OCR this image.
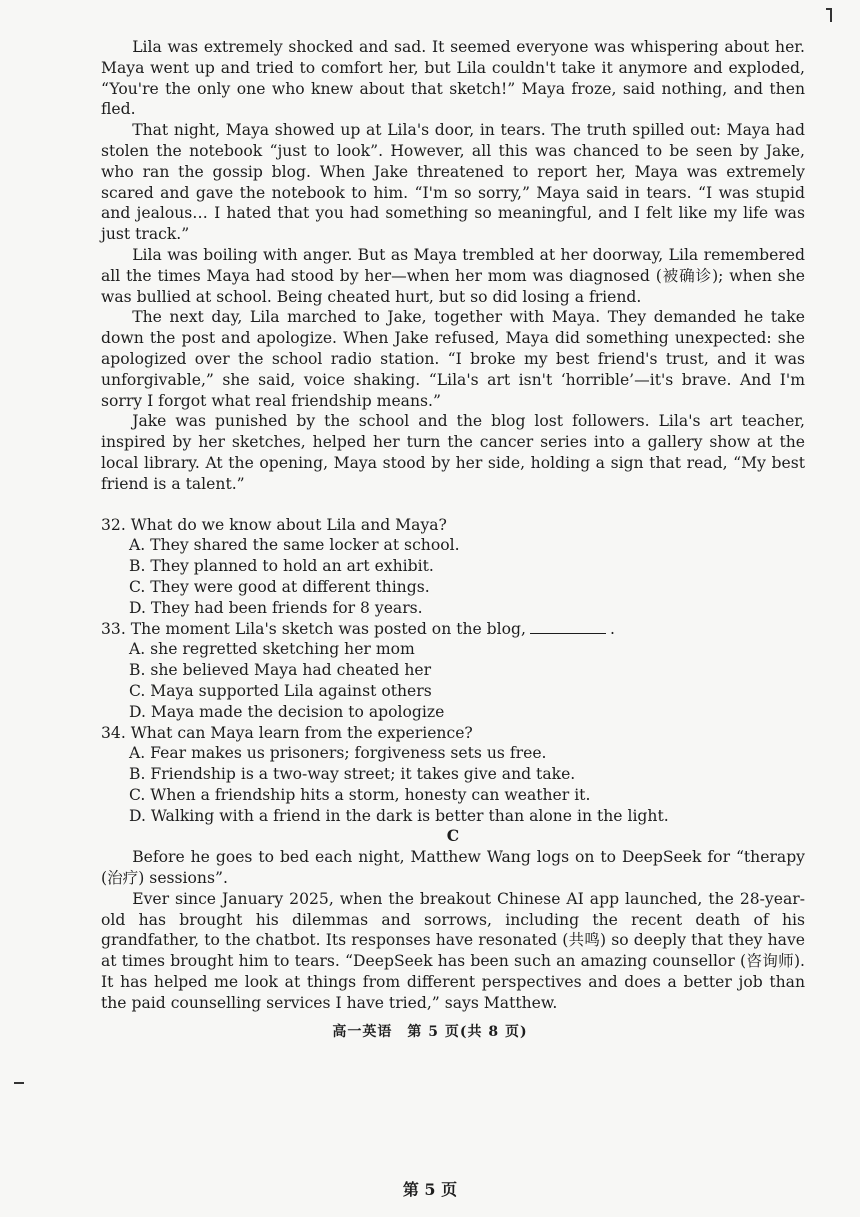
Lila was extremely shocked and sad. It seemed everyone was whispering about her. Maya went up and tried to comfort her, but Lila couldn't take it anymore and exploded, “You're the only one who knew about that sketch!” Maya froze, said nothing, and then fled.

That night, Maya showed up at Lila's door, in tears. The truth spilled out: Maya had stolen the notebook “just to look”. However, all this was chanced to be seen by Jake, who ran the gossip blog. When Jake threatened to report her, Maya was extremely scared and gave the notebook to him. “I'm so sorry,” Maya said in tears. “I was stupid and jealous… I hated that you had something so meaningful, and I felt like my life was just track.”

Lila was boiling with anger. But as Maya trembled at her doorway, Lila remembered all the times Maya had stood by her—when her mom was diagnosed (被确诊); when she was bullied at school. Being cheated hurt, but so did losing a friend.

The next day, Lila marched to Jake, together with Maya. They demanded he take down the post and apologize. When Jake refused, Maya did something unexpected: she apologized over the school radio station. “I broke my best friend's trust, and it was unforgivable,” she said, voice shaking. “Lila's art isn't ‘horrible’—it's brave. And I'm sorry I forgot what real friendship means.”

Jake was punished by the school and the blog lost followers. Lila's art teacher, inspired by her sketches, helped her turn the cancer series into a gallery show at the local library. At the opening, Maya stood by her side, holding a sign that read, “My best friend is a talent.”

32. What do we know about Lila and Maya?

A. They shared the same locker at school.

B. They planned to hold an art exhibit.

C. They were good at different things.

D. They had been friends for 8 years.

33. The moment Lila's sketch was posted on the blog,	.

A. she regretted sketching her mom

B. she believed Maya had cheated her

C. Maya supported Lila against others

D. Maya made the decision to apologize

34. What can Maya learn from the experience?

A. Fear makes us prisoners; forgiveness sets us free.

B. Friendship is a two-way street; it takes give and take.

C. When a friendship hits a storm, honesty can weather it.

D. Walking with a friend in the dark is better than alone in the light.

C

Before he goes to bed each night, Matthew Wang logs on to DeepSeek for “therapy (治疗) sessions”.

Ever since January 2025, when the breakout Chinese AI app launched, the 28-year-old has brought his dilemmas and sorrows, including the recent death of his grandfather, to the chatbot. Its responses have resonated (共鸣) so deeply that they have at times brought him to tears. “DeepSeek has been such an amazing counsellor (咨询师). It has helped me look at things from different perspectives and does a better job than the paid counselling services I have tried,” says Matthew.

高一英语　第 5 页(共 8 页)
第 5 页
